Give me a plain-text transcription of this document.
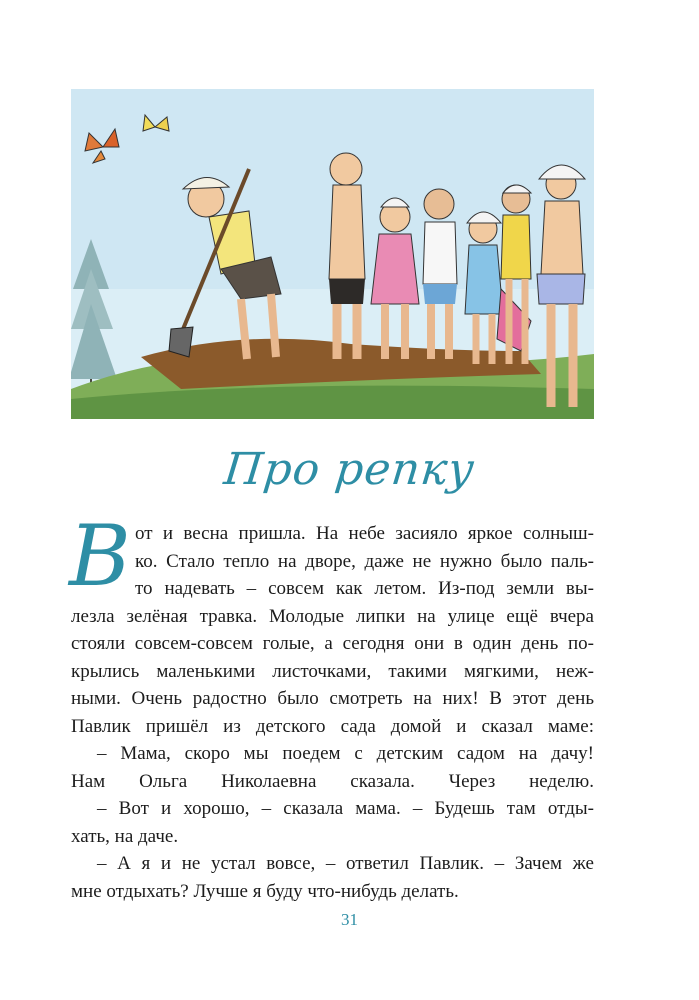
Про репку
В от и весна пришла. На небе засияло яркое солныш-
ко. Стало тепло на дворе, даже не нужно было паль-
то надевать – совсем как летом. Из-под земли вы-
лезла зелёная травка. Молодые липки на улице ещё вчера
стояли совсем-совсем голые, а сегодня они в один день по-
крылись маленькими листочками, такими мягкими, неж-
ными. Очень радостно было смотреть на них! В этот день
Павлик пришёл из детского сада домой и сказал маме:
– Мама, скоро мы поедем с детским садом на дачу!
Нам Ольга Николаевна сказала. Через неделю.
– Вот и хорошо, – сказала мама. – Будешь там отды-
хать, на даче.
– А я и не устал вовсе, – ответил Павлик. – Зачем же
мне отдыхать? Лучше я буду что-нибудь делать.
31
